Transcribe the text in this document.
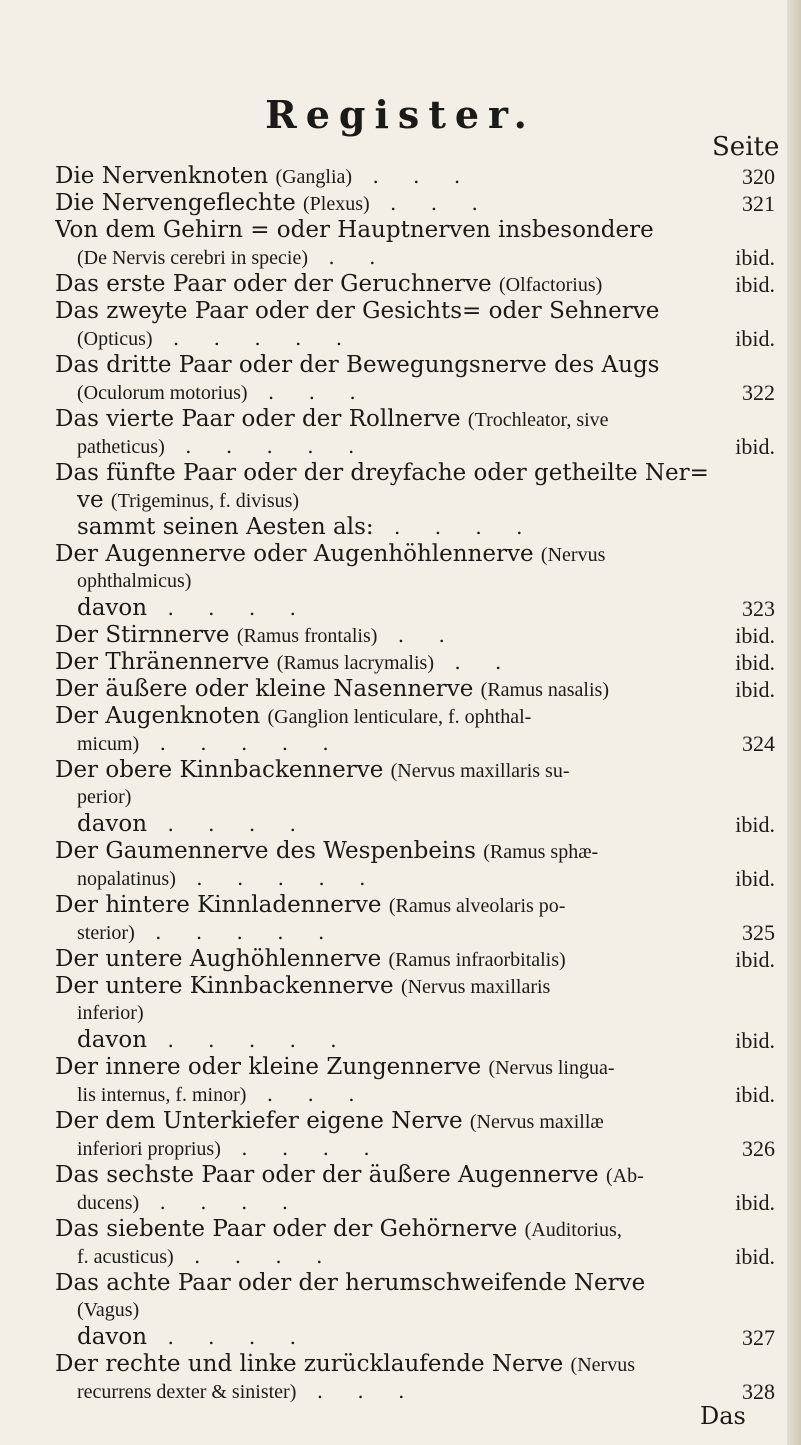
Register.
Seite
Die Nervenknoten (Ganglia) . . .	320
Die Nervengeflechte (Plexus) . . .	321
Von dem Gehirn = oder Hauptnerven insbesondere
(De Nervis cerebri in specie) . .	ibid.
Das erste Paar oder der Geruchnerve (Olfactorius)	ibid.
Das zweyte Paar oder der Gesichts= oder Sehnerve
(Opticus) . . . . .	ibid.
Das dritte Paar oder der Bewegungsnerve des Augs
(Oculorum motorius) . . .	322
Das vierte Paar oder der Rollnerve (Trochleator, sive
patheticus) . . . . .	ibid.
Das fünfte Paar oder der dreyfache oder getheilte Ner=
ve (Trigeminus, f. divisus)
sammt seinen Aesten als: . . . .
Der Augennerve oder Augenhöhlennerve (Nervus
ophthalmicus)
davon . . . .	323
Der Stirnnerve (Ramus frontalis) . .	ibid.
Der Thränennerve (Ramus lacrymalis) . .	ibid.
Der äußere oder kleine Nasennerve (Ramus nasalis)	ibid.
Der Augenknoten (Ganglion lenticulare, f. ophthal-
micum) . . . . .	324
Der obere Kinnbackennerve (Nervus maxillaris su-
perior)
davon . . . .	ibid.
Der Gaumennerve des Wespenbeins (Ramus sphæ-
nopalatinus) . . . . .	ibid.
Der hintere Kinnladennerve (Ramus alveolaris po-
sterior) . . . . .	325
Der untere Aughöhlennerve (Ramus infraorbitalis)	ibid.
Der untere Kinnbackennerve (Nervus maxillaris
inferior)
davon . . . . .	ibid.
Der innere oder kleine Zungennerve (Nervus lingua-
lis internus, f. minor) . . .	ibid.
Der dem Unterkiefer eigene Nerve (Nervus maxillæ
inferiori proprius) . . . .	326
Das sechste Paar oder der äußere Augennerve (Ab-
ducens) . . . .	ibid.
Das siebente Paar oder der Gehörnerve (Auditorius,
f. acusticus) . . . .	ibid.
Das achte Paar oder der herumschweifende Nerve
(Vagus)
davon . . . .	327
Der rechte und linke zurücklaufende Nerve (Nervus
recurrens dexter & sinister) . . .	328
Das
